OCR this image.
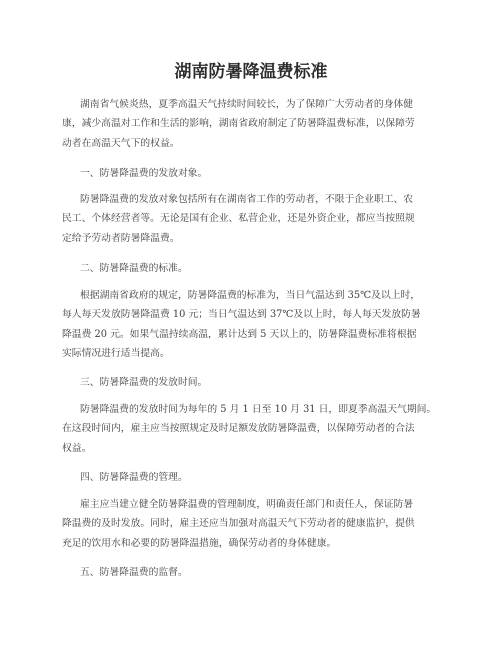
湖南防暑降温费标准
湖南省气候炎热，夏季高温天气持续时间较长，为了保障广大劳动者的身体健
康，减少高温对工作和生活的影响，湖南省政府制定了防暑降温费标准，以保障劳
动者在高温天气下的权益。
一、防暑降温费的发放对象。
防暑降温费的发放对象包括所有在湖南省工作的劳动者，不限于企业职工、农
民工、个体经营者等。无论是国有企业、私营企业，还是外资企业，都应当按照规
定给予劳动者防暑降温费。
二、防暑降温费的标准。
根据湖南省政府的规定，防暑降温费的标准为，当日气温达到 35℃及以上时，
每人每天发放防暑降温费 10 元；当日气温达到 37℃及以上时，每人每天发放防暑
降温费 20 元。如果气温持续高温，累计达到 5 天以上的，防暑降温费标准将根据
实际情况进行适当提高。
三、防暑降温费的发放时间。
防暑降温费的发放时间为每年的 5 月 1 日至 10 月 31 日，即夏季高温天气期间。
在这段时间内，雇主应当按照规定及时足额发放防暑降温费，以保障劳动者的合法
权益。
四、防暑降温费的管理。
雇主应当建立健全防暑降温费的管理制度，明确责任部门和责任人，保证防暑
降温费的及时发放。同时，雇主还应当加强对高温天气下劳动者的健康监护，提供
充足的饮用水和必要的防暑降温措施，确保劳动者的身体健康。
五、防暑降温费的监督。
